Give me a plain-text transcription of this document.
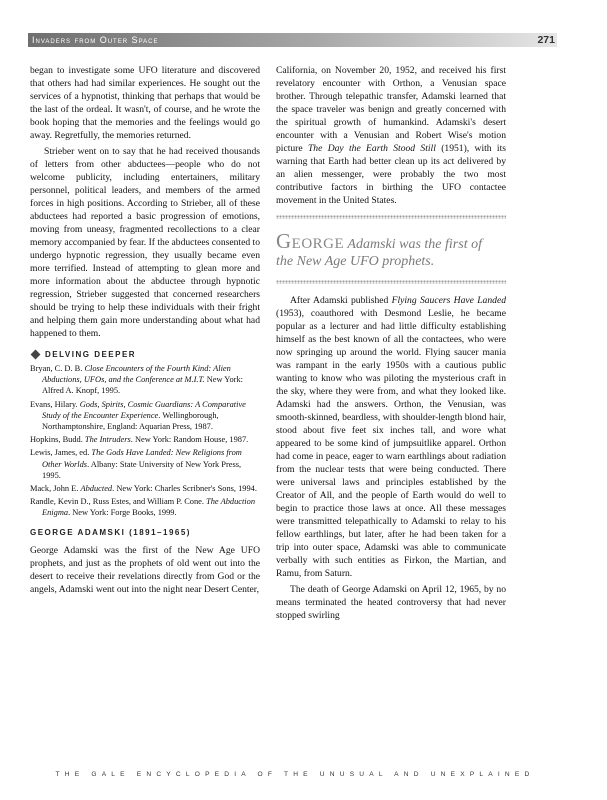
Invaders from Outer Space	271

began to investigate some UFO literature and discovered that others had had similar experiences. He sought out the services of a hypnotist, thinking that perhaps that would be the last of the ordeal. It wasn't, of course, and he wrote the book hoping that the memories and the feelings would go away. Regretfully, the memories returned.

Strieber went on to say that he had received thousands of letters from other abductees—people who do not welcome publicity, including entertainers, military personnel, political leaders, and members of the armed forces in high positions. According to Strieber, all of these abductees had reported a basic progression of emotions, moving from uneasy, fragmented recollections to a clear memory accompanied by fear. If the abductees consented to undergo hypnotic regression, they usually became even more terrified. Instead of attempting to glean more and more information about the abductee through hypnotic regression, Strieber suggested that concerned researchers should be trying to help these individuals with their fright and helping them gain more understanding about what had happened to them.

DELVING DEEPER

Bryan, C. D. B. Close Encounters of the Fourth Kind: Alien Abductions, UFOs, and the Conference at M.I.T. New York: Alfred A. Knopf, 1995.

Evans, Hilary. Gods, Spirits, Cosmic Guardians: A Comparative Study of the Encounter Experience. Wellingborough, Northamptonshire, England: Aquarian Press, 1987.

Hopkins, Budd. The Intruders. New York: Random House, 1987.

Lewis, James, ed. The Gods Have Landed: New Religions from Other Worlds. Albany: State University of New York Press, 1995.

Mack, John E. Abducted. New York: Charles Scribner's Sons, 1994.

Randle, Kevin D., Russ Estes, and William P. Cone. The Abduction Enigma. New York: Forge Books, 1999.

GEORGE ADAMSKI (1891–1965)

George Adamski was the first of the New Age UFO prophets, and just as the prophets of old went out into the desert to receive their revelations directly from God or the angels, Adamski went out into the night near Desert Center,

California, on November 20, 1952, and received his first revelatory encounter with Orthon, a Venusian space brother. Through telepathic transfer, Adamski learned that the space traveler was benign and greatly concerned with the spiritual growth of humankind. Adamski's desert encounter with a Venusian and Robert Wise's motion picture The Day the Earth Stood Still (1951), with its warning that Earth had better clean up its act delivered by an alien messenger, were probably the two most contributive factors in birthing the UFO contactee movement in the United States.

George Adamski was the first of the New Age UFO prophets.

After Adamski published Flying Saucers Have Landed (1953), coauthored with Desmond Leslie, he became popular as a lecturer and had little difficulty establishing himself as the best known of all the contactees, who were now springing up around the world. Flying saucer mania was rampant in the early 1950s with a cautious public wanting to know who was piloting the mysterious craft in the sky, where they were from, and what they looked like. Adamski had the answers. Orthon, the Venusian, was smooth-skinned, beardless, with shoulder-length blond hair, stood about five feet six inches tall, and wore what appeared to be some kind of jumpsuitlike apparel. Orthon had come in peace, eager to warn earthlings about radiation from the nuclear tests that were being conducted. There were universal laws and principles established by the Creator of All, and the people of Earth would do well to begin to practice those laws at once. All these messages were transmitted telepathically to Adamski to relay to his fellow earthlings, but later, after he had been taken for a trip into outer space, Adamski was able to communicate verbally with such entities as Firkon, the Martian, and Ramu, from Saturn.

The death of George Adamski on April 12, 1965, by no means terminated the heated controversy that had never stopped swirling

THE GALE ENCYCLOPEDIA OF THE UNUSUAL AND UNEXPLAINED
